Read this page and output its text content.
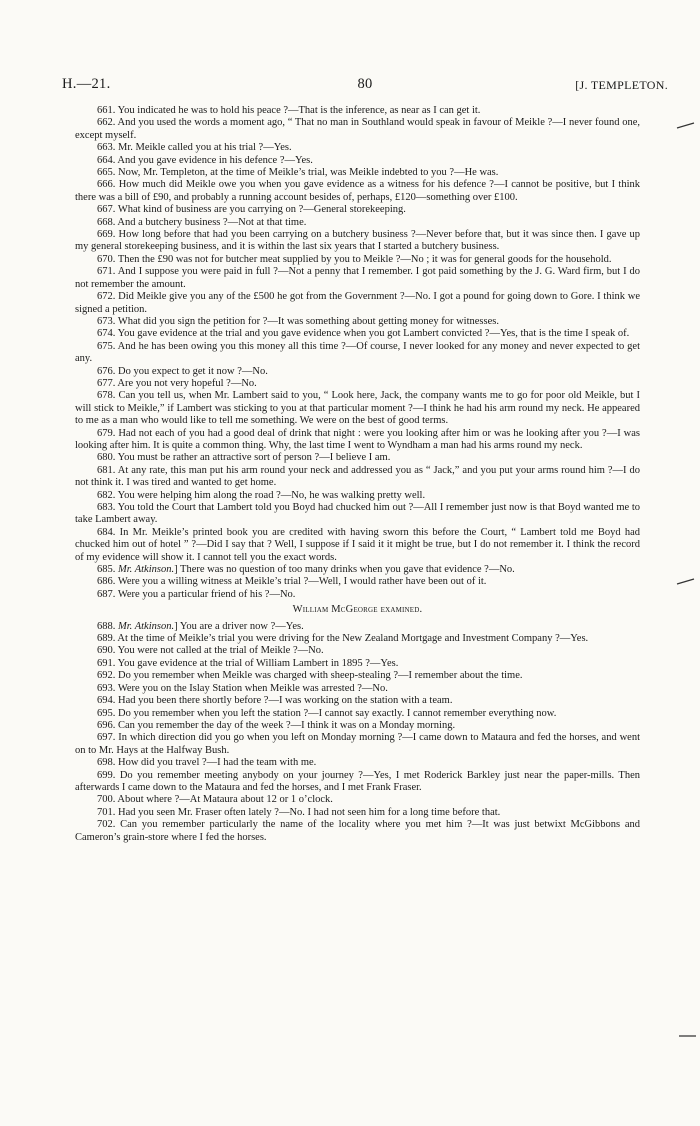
H.—21.	80	[J. TEMPLETON.

661. You indicated he was to hold his peace ?—That is the inference, as near as I can get it.

662. And you used the words a moment ago, “ That no man in Southland would speak in favour of Meikle ?—I never found one, except myself.

663. Mr. Meikle called you at his trial ?—Yes.

664. And you gave evidence in his defence ?—Yes.

665. Now, Mr. Templeton, at the time of Meikle’s trial, was Meikle indebted to you ?—He was.

666. How much did Meikle owe you when you gave evidence as a witness for his defence ?—I cannot be positive, but I think there was a bill of £90, and probably a running account besides of, perhaps, £120—something over £100.

667. What kind of business are you carrying on ?—General storekeeping.

668. And a butchery business ?—Not at that time.

669. How long before that had you been carrying on a butchery business ?—Never before that, but it was since then. I gave up my general storekeeping business, and it is within the last six years that I started a butchery business.

670. Then the £90 was not for butcher meat supplied by you to Meikle ?—No ; it was for general goods for the household.

671. And I suppose you were paid in full ?—Not a penny that I remember. I got paid something by the J. G. Ward firm, but I do not remember the amount.

672. Did Meikle give you any of the £500 he got from the Government ?—No. I got a pound for going down to Gore. I think we signed a petition.

673. What did you sign the petition for ?—It was something about getting money for witnesses.

674. You gave evidence at the trial and you gave evidence when you got Lambert convicted ?—Yes, that is the time I speak of.

675. And he has been owing you this money all this time ?—Of course, I never looked for any money and never expected to get any.

676. Do you expect to get it now ?—No.

677. Are you not very hopeful ?—No.

678. Can you tell us, when Mr. Lambert said to you, “ Look here, Jack, the company wants me to go for poor old Meikle, but I will stick to Meikle,” if Lambert was sticking to you at that particular moment ?—I think he had his arm round my neck. He appeared to me as a man who would like to tell me something. We were on the best of good terms.

679. Had not each of you had a good deal of drink that night : were you looking after him or was he looking after you ?—I was looking after him. It is quite a common thing. Why, the last time I went to Wyndham a man had his arms round my neck.

680. You must be rather an attractive sort of person ?—I believe I am.

681. At any rate, this man put his arm round your neck and addressed you as “ Jack,” and you put your arms round him ?—I do not think it. I was tired and wanted to get home.

682. You were helping him along the road ?—No, he was walking pretty well.

683. You told the Court that Lambert told you Boyd had chucked him out ?—All I remember just now is that Boyd wanted me to take Lambert away.

684. In Mr. Meikle’s printed book you are credited with having sworn this before the Court, “ Lambert told me Boyd had chucked him out of hotel ” ?—Did I say that ? Well, I suppose if I said it it might be true, but I do not remember it. I think the record of my evidence will show it. I cannot tell you the exact words.

685. Mr. Atkinson.] There was no question of too many drinks when you gave that evidence ?—No.

686. Were you a willing witness at Meikle’s trial ?—Well, I would rather have been out of it.

687. Were you a particular friend of his ?—No.

William McGeorge examined.

688. Mr. Atkinson.] You are a driver now ?—Yes.

689. At the time of Meikle’s trial you were driving for the New Zealand Mortgage and Investment Company ?—Yes.

690. You were not called at the trial of Meikle ?—No.

691. You gave evidence at the trial of William Lambert in 1895 ?—Yes.

692. Do you remember when Meikle was charged with sheep-stealing ?—I remember about the time.

693. Were you on the Islay Station when Meikle was arrested ?—No.

694. Had you been there shortly before ?—I was working on the station with a team.

695. Do you remember when you left the station ?—I cannot say exactly. I cannot remember everything now.

696. Can you remember the day of the week ?—I think it was on a Monday morning.

697. In which direction did you go when you left on Monday morning ?—I came down to Mataura and fed the horses, and went on to Mr. Hays at the Halfway Bush.

698. How did you travel ?—I had the team with me.

699. Do you remember meeting anybody on your journey ?—Yes, I met Roderick Barkley just near the paper-mills. Then afterwards I came down to the Mataura and fed the horses, and I met Frank Fraser.

700. About where ?—At Mataura about 12 or 1 o’clock.

701. Had you seen Mr. Fraser often lately ?—No. I had not seen him for a long time before that.

702. Can you remember particularly the name of the locality where you met him ?—It was just betwixt McGibbons and Cameron’s grain-store where I fed the horses.
